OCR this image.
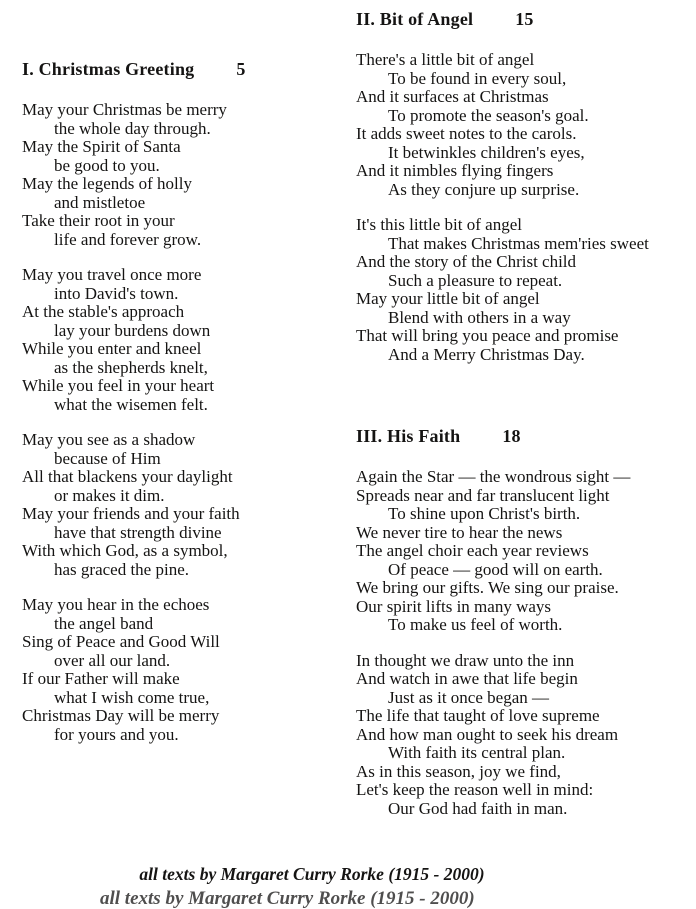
I. Christmas Greeting 5
May your Christmas be merry
the whole day through.
May the Spirit of Santa
be good to you.
May the legends of holly
and mistletoe
Take their root in your
life and forever grow.
May you travel once more
into David's town.
At the stable's approach
lay your burdens down
While you enter and kneel
as the shepherds knelt,
While you feel in your heart
what the wisemen felt.
May you see as a shadow
because of Him
All that blackens your daylight
or makes it dim.
May your friends and your faith
have that strength divine
With which God, as a symbol,
has graced the pine.
May you hear in the echoes
the angel band
Sing of Peace and Good Will
over all our land.
If our Father will make
what I wish come true,
Christmas Day will be merry
for yours and you.
II. Bit of Angel 15
There's a little bit of angel
To be found in every soul,
And it surfaces at Christmas
To promote the season's goal.
It adds sweet notes to the carols.
It betwinkles children's eyes,
And it nimbles flying fingers
As they conjure up surprise.
It's this little bit of angel
That makes Christmas mem'ries sweet
And the story of the Christ child
Such a pleasure to repeat.
May your little bit of angel
Blend with others in a way
That will bring you peace and promise
And a Merry Christmas Day.
III. His Faith 18
Again the Star — the wondrous sight —
Spreads near and far translucent light
To shine upon Christ's birth.
We never tire to hear the news
The angel choir each year reviews
Of peace — good will on earth.
We bring our gifts. We sing our praise.
Our spirit lifts in many ways
To make us feel of worth.
In thought we draw unto the inn
And watch in awe that life begin
Just as it once began —
The life that taught of love supreme
And how man ought to seek his dream
With faith its central plan.
As in this season, joy we find,
Let's keep the reason well in mind:
Our God had faith in man.
all texts by Margaret Curry Rorke (1915 - 2000)
all texts by Margaret Curry Rorke (1915 - 2000)
